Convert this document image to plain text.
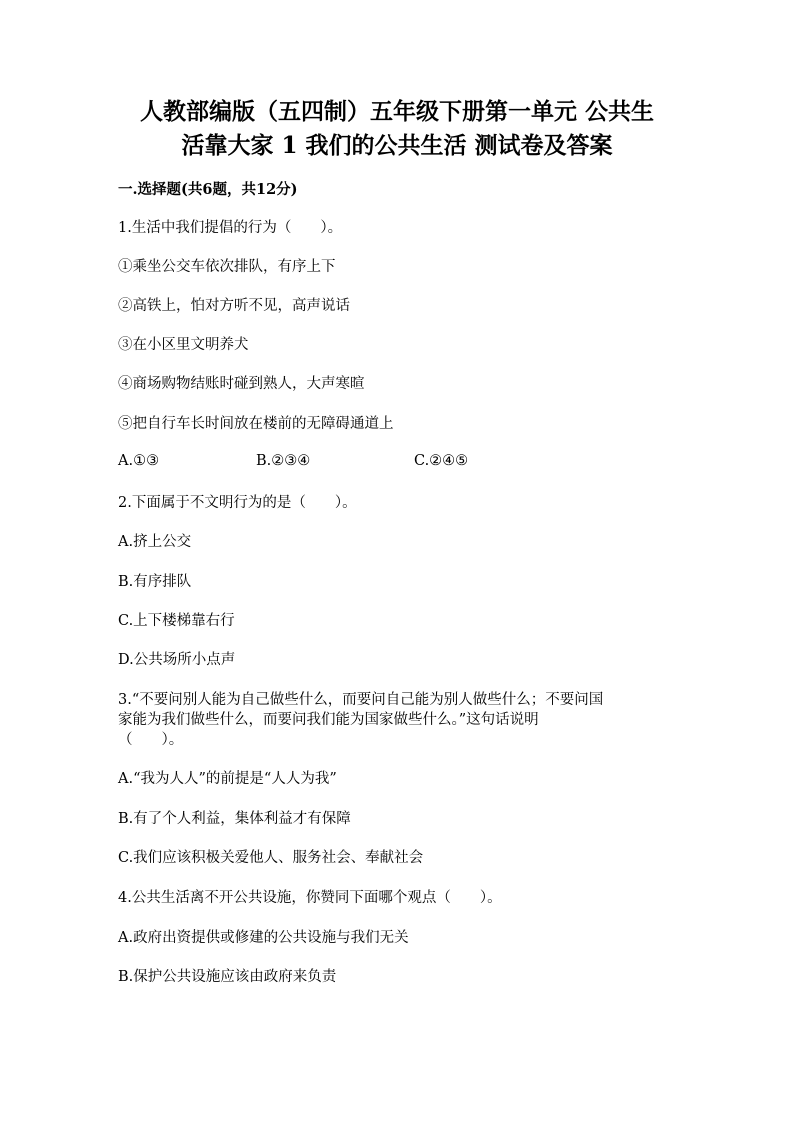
人教部编版（五四制）五年级下册第一单元 公共生
活靠大家 1 我们的公共生活 测试卷及答案
一.选择题(共6题，共12分)
1.生活中我们提倡的行为（　　）。
①乘坐公交车依次排队，有序上下
②高铁上，怕对方听不见，高声说话
③在小区里文明养犬
④商场购物结账时碰到熟人，大声寒暄
⑤把自行车长时间放在楼前的无障碍通道上
A.①③	B.②③④	C.②④⑤
2.下面属于不文明行为的是（　　）。
A.挤上公交
B.有序排队
C.上下楼梯靠右行
D.公共场所小点声
3.“不要问别人能为自己做些什么，而要问自己能为别人做些什么；不要问国
家能为我们做些什么，而要问我们能为国家做些什么。”这句话说明
（　　）。
A.“我为人人”的前提是“人人为我”
B.有了个人利益，集体利益才有保障
C.我们应该积极关爱他人、服务社会、奉献社会
4.公共生活离不开公共设施，你赞同下面哪个观点（　　）。
A.政府出资提供或修建的公共设施与我们无关
B.保护公共设施应该由政府来负责
